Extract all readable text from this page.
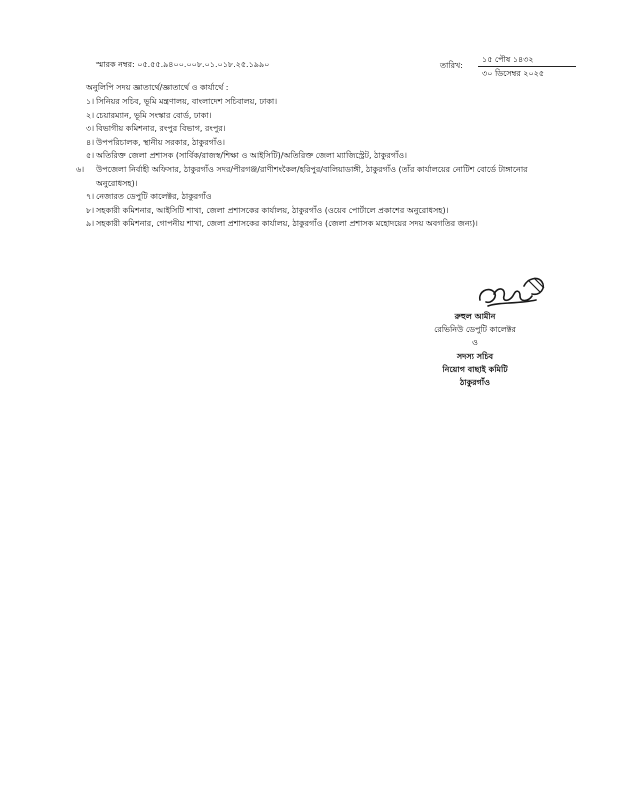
স্মারক নম্বর: ০৫.৫৫.৯৪০০.০০৮.০১.০১৮.২৫.১৯৯০	তারিখ:
১৫ পৌষ ১৪৩২
৩০ ডিসেম্বর ২০২৫
অনুলিপি সদয় জ্ঞাতার্থে/জ্ঞাতার্থে ও কার্যার্থে :
১। সিনিয়র সচিব, ভূমি মন্ত্রণালয়, বাংলাদেশ সচিবালয়, ঢাকা।
২। চেয়ারম্যান, ভূমি সংস্কার বোর্ড, ঢাকা।
৩। বিভাগীয় কমিশনার, রংপুর বিভাগ, রংপুর।
৪। উপপরিচালক, স্থানীয় সরকার, ঠাকুরগাঁও।
৫। অতিরিক্ত জেলা প্রশাসক (সার্বিক/রাজস্ব/শিক্ষা ও আইসিটি)/অতিরিক্ত জেলা ম্যাজিস্ট্রেট, ঠাকুরগাঁও।
৬। উপজেলা নির্বাহী অফিসার, ঠাকুরগাঁও সদর/পীরগঞ্জ/রাণীশংকৈল/হরিপুর/বালিয়াডাঙ্গী, ঠাকুরগাঁও (তাঁর কার্যালয়ের নোটিশ বোর্ডে টাঙ্গানোর অনুরোধসহ)।
৭। নেজারত ডেপুটি কালেক্টর, ঠাকুরগাঁও
৮। সহকারী কমিশনার, আইসিটি শাখা, জেলা প্রশাসকের কার্যালয়, ঠাকুরগাঁও (ওয়েব পোর্টালে প্রকাশের অনুরোধসহ)।
৯। সহকারী কমিশনার, গোপনীয় শাখা, জেলা প্রশাসকের কার্যালয়, ঠাকুরগাঁও (জেলা প্রশাসক মহোদয়ের সদয় অবগতির জন্য)।
রুহুল আমীন
রেভিনিউ ডেপুটি কালেক্টর
ও
সদস্য সচিব
নিয়োগ বাছাই কমিটি
ঠাকুরগাঁও
